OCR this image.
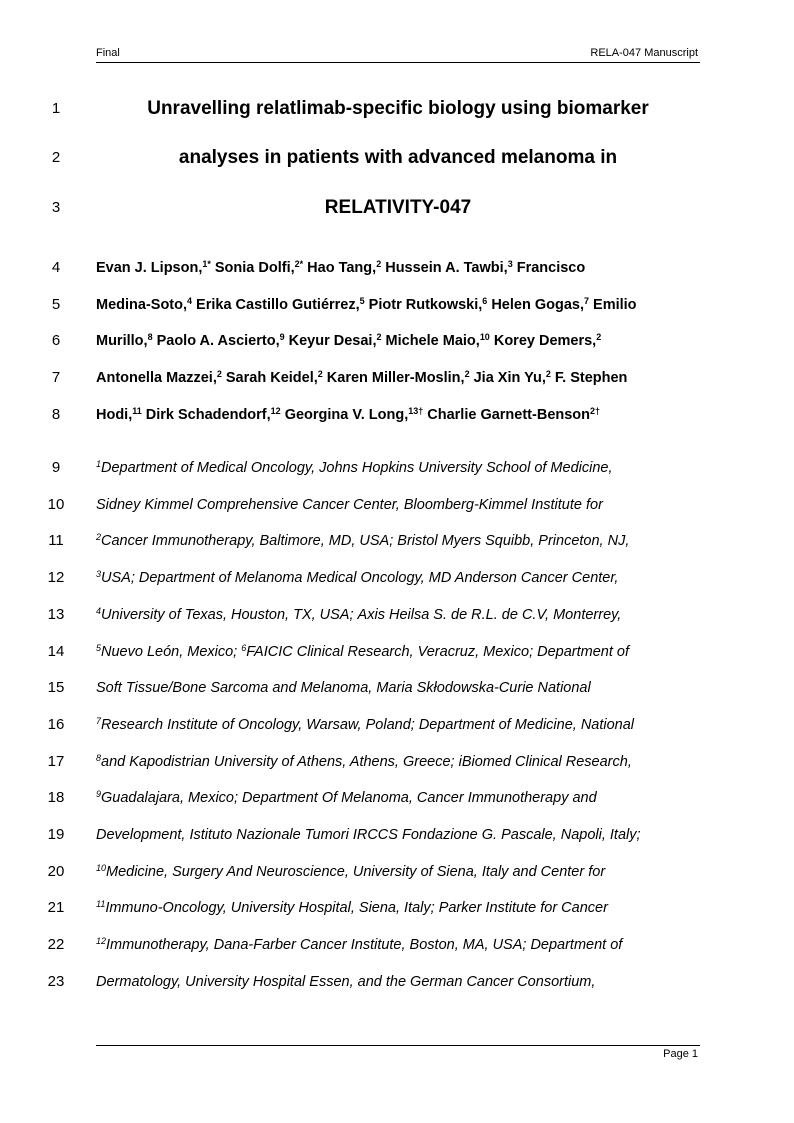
Final	RELA-047 Manuscript
1	Unravelling relatlimab-specific biology using biomarker
2	analyses in patients with advanced melanoma in
3	RELATIVITY-047
4	Evan J. Lipson,$^{1*}$ Sonia Dolfi,$^{2*}$ Hao Tang,$^2$ Hussein A. Tawbi,$^3$ Francisco
5	Medina-Soto,$^4$ Erika Castillo Gutiérrez,$^5$ Piotr Rutkowski,$^6$ Helen Gogas,$^7$ Emilio
6	Murillo,$^8$ Paolo A. Ascierto,$^9$ Keyur Desai,$^2$ Michele Maio,$^{10}$ Korey Demers,$^2$
7	Antonella Mazzei,$^2$ Sarah Keidel,$^2$ Karen Miller-Moslin,$^2$ Jia Xin Yu,$^2$ F. Stephen
8	Hodi,$^{11}$ Dirk Schadendorf,$^{12}$ Georgina V. Long,$^{13\dagger}$ Charlie Garnett-Benson$^{2\dagger}$
9	$^1$Department of Medical Oncology, Johns Hopkins University School of Medicine,
10	Sidney Kimmel Comprehensive Cancer Center, Bloomberg-Kimmel Institute for
11	$^2$Cancer Immunotherapy, Baltimore, MD, USA; Bristol Myers Squibb, Princeton, NJ,
12	$^3$USA; Department of Melanoma Medical Oncology, MD Anderson Cancer Center,
13	$^4$University of Texas, Houston, TX, USA; Axis Heilsa S. de R.L. de C.V, Monterrey,
14	$^5$Nuevo León, Mexico; $^6$FAICIC Clinical Research, Veracruz, Mexico; Department of
15	Soft Tissue/Bone Sarcoma and Melanoma, Maria Skłodowska-Curie National
16	$^7$Research Institute of Oncology, Warsaw, Poland; Department of Medicine, National
17	$^8$and Kapodistrian University of Athens, Athens, Greece; iBiomed Clinical Research,
18	$^9$Guadalajara, Mexico; Department Of Melanoma, Cancer Immunotherapy and
19	Development, Istituto Nazionale Tumori IRCCS Fondazione G. Pascale, Napoli, Italy;
20	$^{10}$Medicine, Surgery And Neuroscience, University of Siena, Italy and Center for
21	$^{11}$Immuno-Oncology, University Hospital, Siena, Italy; Parker Institute for Cancer
22	$^{12}$Immunotherapy, Dana-Farber Cancer Institute, Boston, MA, USA; Department of
23	Dermatology, University Hospital Essen, and the German Cancer Consortium,
Page 1
